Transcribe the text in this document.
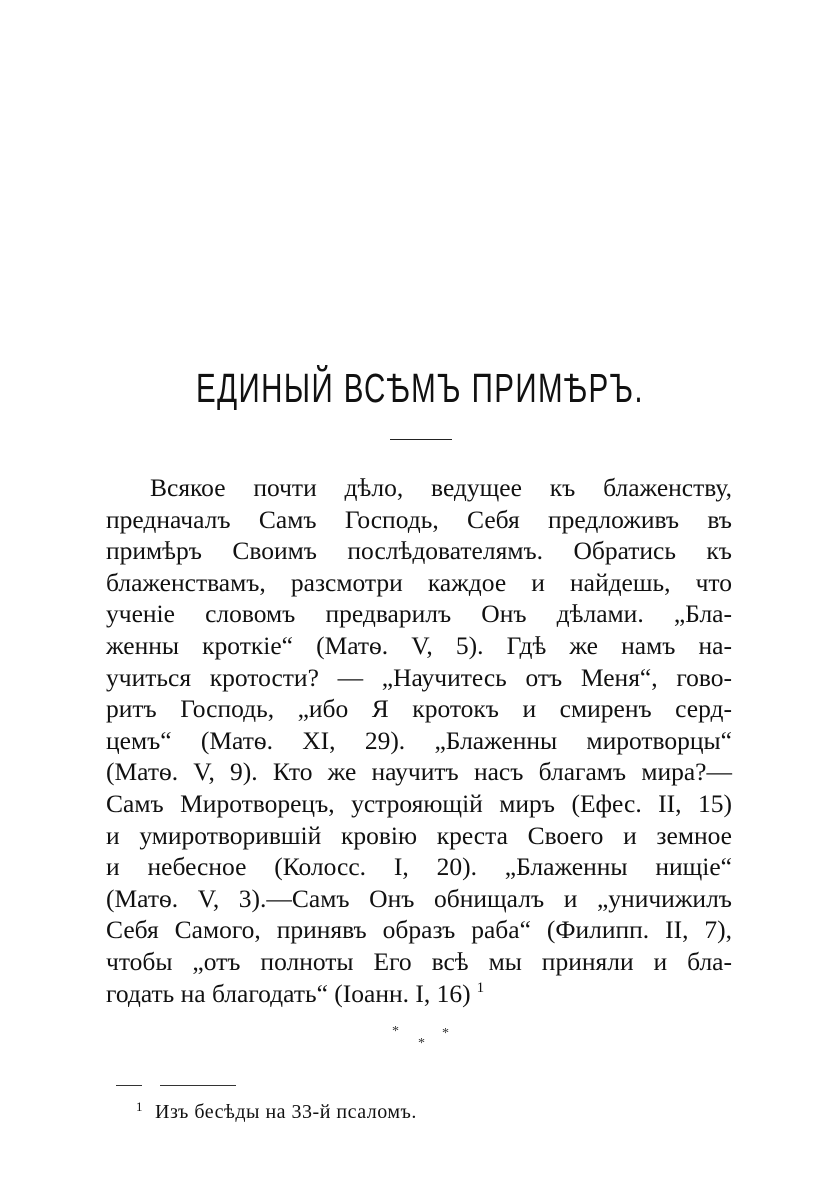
ЕДИНЫЙ ВСѢМЪ ПРИМѢРЪ.
Всякое почти дѣло, ведущее къ блаженству,
предначалъ Самъ Господь, Себя предложивъ въ
примѣръ Своимъ послѣдователямъ. Обратись къ
блаженствамъ, разсмотри каждое и найдешь, что
ученіе словомъ предварилъ Онъ дѣлами. „Бла-
женны кроткіе“ (Матѳ. V, 5). Гдѣ же намъ на-
учиться кротости? — „Научитесь отъ Меня“, гово-
ритъ Господь, „ибо Я кротокъ и смиренъ серд-
цемъ“ (Матѳ. XI, 29). „Блаженны миротворцы“
(Матѳ. V, 9). Кто же научитъ насъ благамъ мира?—
Самъ Миротворецъ, устрояющій миръ (Ефес. II, 15)
и умиротворившій кровію креста Своего и земное
и небесное (Колосс. I, 20). „Блаженны нищіе“
(Матѳ. V, 3).—Самъ Онъ обнищалъ и „уничижилъ
Себя Самого, принявъ образъ раба“ (Филипп. II, 7),
чтобы „отъ полноты Его всѣ мы приняли и бла-
годать на благодать“ (Іоанн. I, 16) $^1$
*
*
*
$^1$ Изъ бесѣды на 33-й псаломъ.
